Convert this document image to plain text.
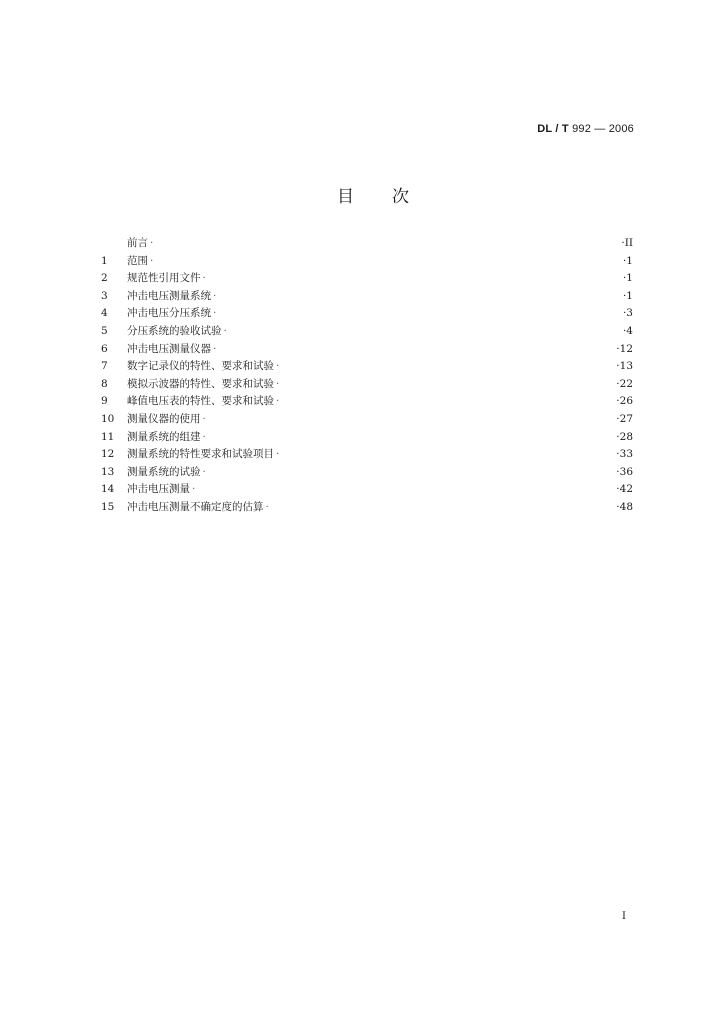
DL / T 992 — 2006
目次
前言 ·	·II
1	范围 ·	·1
2	规范性引用文件 ·	·1
3	冲击电压测量系统 ·	·1
4	冲击电压分压系统 ·	·3
5	分压系统的验收试验 ·	·4
6	冲击电压测量仪器 ·	·12
7	数字记录仪的特性、要求和试验 ·	·13
8	模拟示波器的特性、要求和试验 ·	·22
9	峰值电压表的特性、要求和试验 ·	·26
10	测量仪器的使用 ·	·27
11	测量系统的组建 ·	·28
12	测量系统的特性要求和试验项目 ·	·33
13	测量系统的试验 ·	·36
14	冲击电压测量 ·	·42
15	冲击电压测量不确定度的估算 ·	·48
I
